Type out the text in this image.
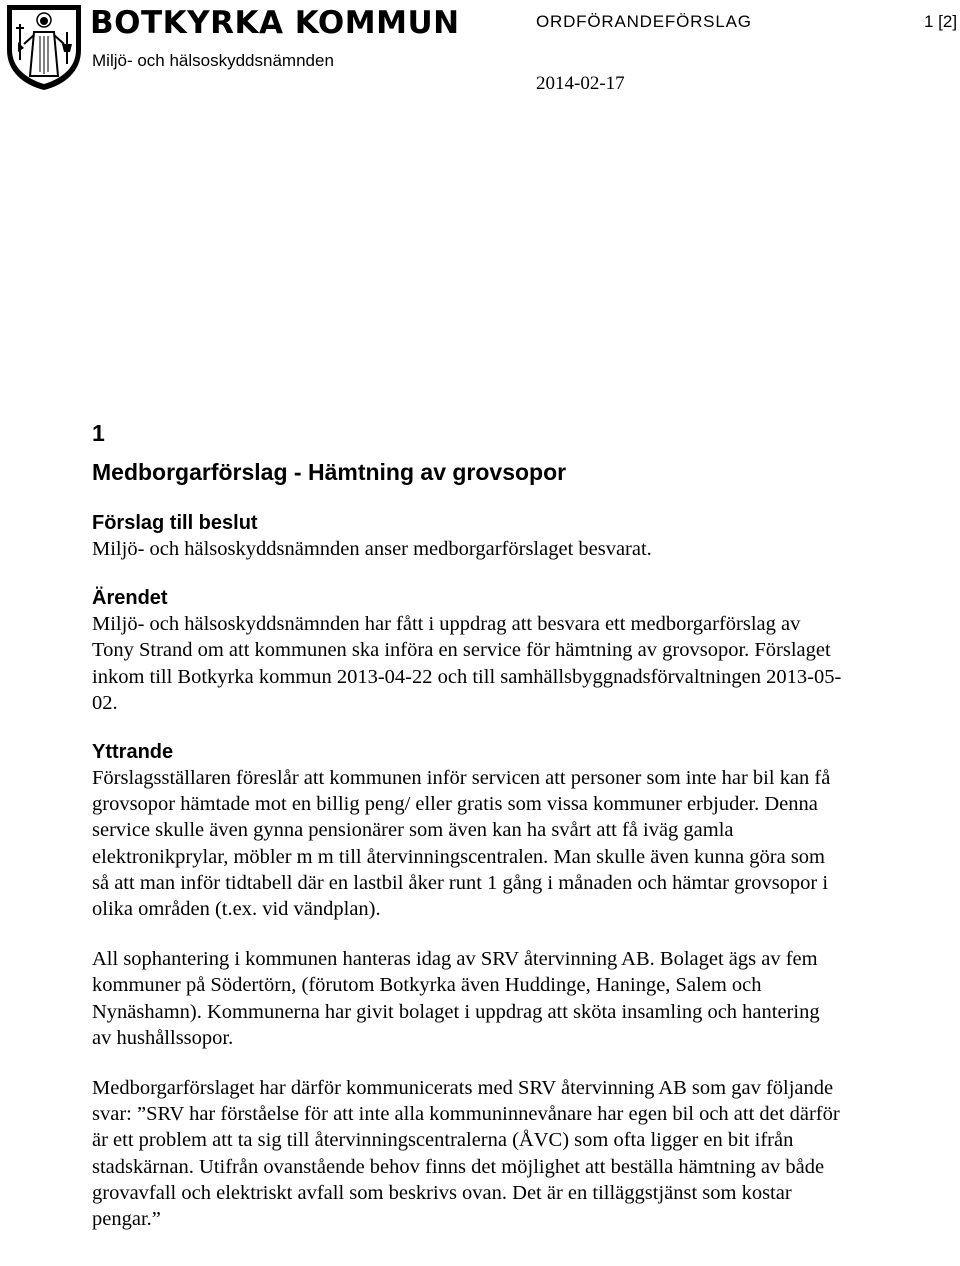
BOTKYRKA KOMMUN
Miljö- och hälsoskyddsnämnden
ORDFÖRANDEFÖRSLAG	1 [2]
2014-02-17
1
Medborgarförslag - Hämtning av grovsopor
Förslag till beslut

Miljö- och hälsoskyddsnämnden anser medborgarförslaget besvarat.

Ärendet

Miljö- och hälsoskyddsnämnden har fått i uppdrag att besvara ett medborgarförslag av Tony Strand om att kommunen ska införa en service för hämtning av grovsopor. Förslaget inkom till Botkyrka kommun 2013-04-22 och till samhällsbyggnadsförvaltningen 2013-05-02.

Yttrande

Förslagsställaren föreslår att kommunen inför servicen att personer som inte har bil kan få grovsopor hämtade mot en billig peng/ eller gratis som vissa kommuner erbjuder. Denna service skulle även gynna pensionärer som även kan ha svårt att få iväg gamla elektronikprylar, möbler m m till återvinningscentralen. Man skulle även kunna göra som så att man inför tidtabell där en lastbil åker runt 1 gång i månaden och hämtar grovsopor i olika områden (t.ex. vid vändplan).

All sophantering i kommunen hanteras idag av SRV återvinning AB. Bolaget ägs av fem kommuner på Södertörn, (förutom Botkyrka även Huddinge, Haninge, Salem och Nynäshamn). Kommunerna har givit bolaget i uppdrag att sköta insamling och hantering av hushållssopor.

Medborgarförslaget har därför kommunicerats med SRV återvinning AB som gav följande svar: ”SRV har förståelse för att inte alla kommuninnevånare har egen bil och att det därför är ett problem att ta sig till återvinningscentralerna (ÅVC) som ofta ligger en bit ifrån stadskärnan. Utifrån ovanstående behov finns det möjlighet att beställa hämtning av både grovavfall och elektriskt avfall som beskrivs ovan. Det är en tilläggstjänst som kostar pengar.”
